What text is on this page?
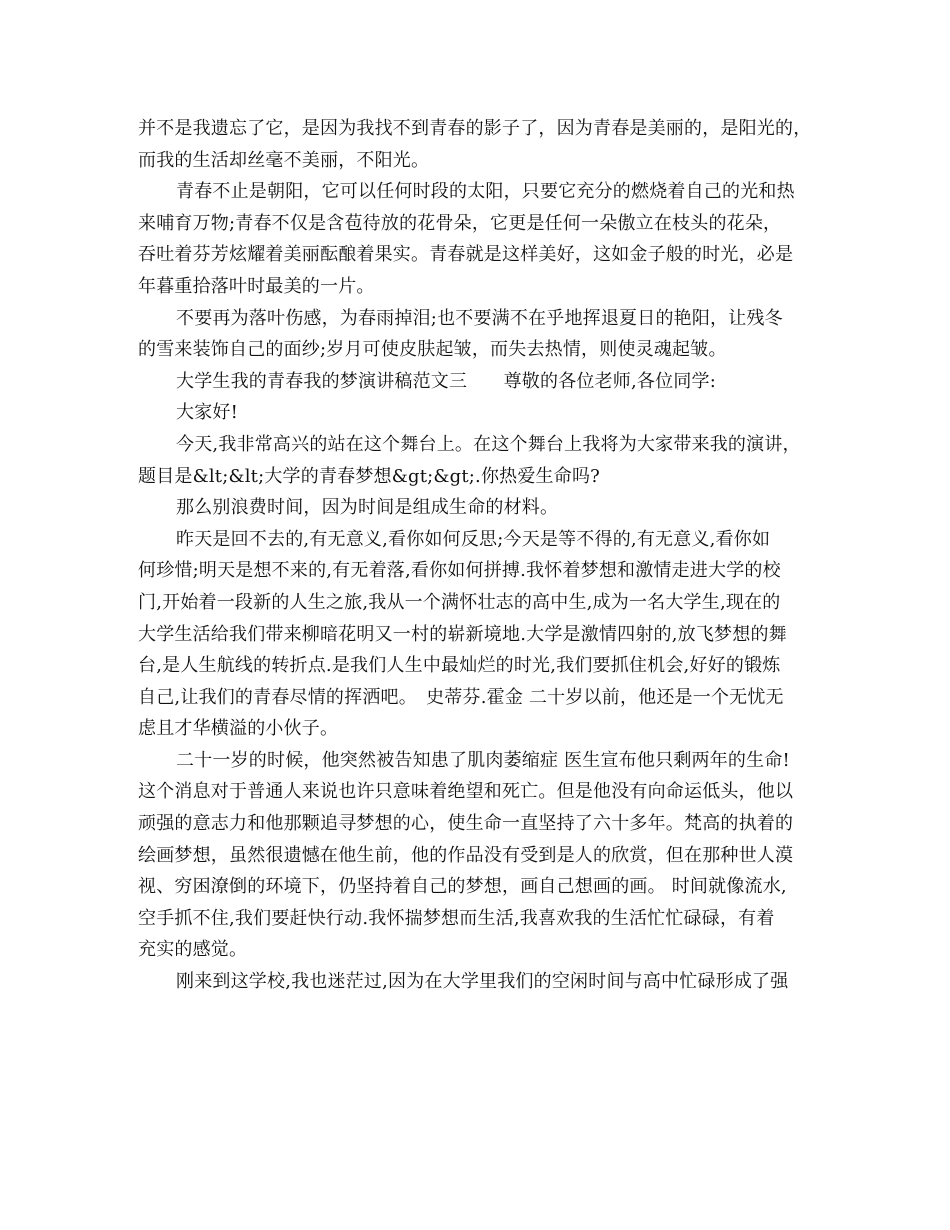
并不是我遗忘了它，是因为我找不到青春的影子了，因为青春是美丽的，是阳光的，
而我的生活却丝毫不美丽，不阳光。
青春不止是朝阳，它可以任何时段的太阳，只要它充分的燃烧着自己的光和热
来哺育万物;青春不仅是含苞待放的花骨朵，它更是任何一朵傲立在枝头的花朵，
吞吐着芬芳炫耀着美丽酝酿着果实。青春就是这样美好，这如金子般的时光，必是
年暮重拾落叶时最美的一片。
不要再为落叶伤感，为春雨掉泪;也不要满不在乎地挥退夏日的艳阳，让残冬
的雪来装饰自己的面纱;岁月可使皮肤起皱，而失去热情，则使灵魂起皱。
大学生我的青春我的梦演讲稿范文三　　尊敬的各位老师,各位同学:
大家好!
今天,我非常高兴的站在这个舞台上。在这个舞台上我将为大家带来我的演讲，
题目是&lt;&lt;大学的青春梦想&gt;&gt;.你热爱生命吗?
那么别浪费时间，因为时间是组成生命的材料。
昨天是回不去的,有无意义,看你如何反思;今天是等不得的,有无意义,看你如
何珍惜;明天是想不来的,有无着落,看你如何拼搏.我怀着梦想和激情走进大学的校
门,开始着一段新的人生之旅,我从一个满怀壮志的高中生,成为一名大学生,现在的
大学生活给我们带来柳暗花明又一村的崭新境地.大学是激情四射的,放飞梦想的舞
台,是人生航线的转折点.是我们人生中最灿烂的时光,我们要抓住机会,好好的锻炼
自己,让我们的青春尽情的挥洒吧。　史蒂芬.霍金 二十岁以前，他还是一个无忧无
虑且才华横溢的小伙子。
二十一岁的时候，他突然被告知患了肌肉萎缩症 医生宣布他只剩两年的生命!
这个消息对于普通人来说也许只意味着绝望和死亡。但是他没有向命运低头，他以
顽强的意志力和他那颗追寻梦想的心，使生命一直坚持了六十多年。梵高的执着的
绘画梦想，虽然很遗憾在他生前，他的作品没有受到是人的欣赏，但在那种世人漠
视、穷困潦倒的环境下，仍坚持着自己的梦想，画自己想画的画。 时间就像流水,
空手抓不住,我们要赶快行动.我怀揣梦想而生活,我喜欢我的生活忙忙碌碌，有着
充实的感觉。
刚来到这学校,我也迷茫过,因为在大学里我们的空闲时间与高中忙碌形成了强
